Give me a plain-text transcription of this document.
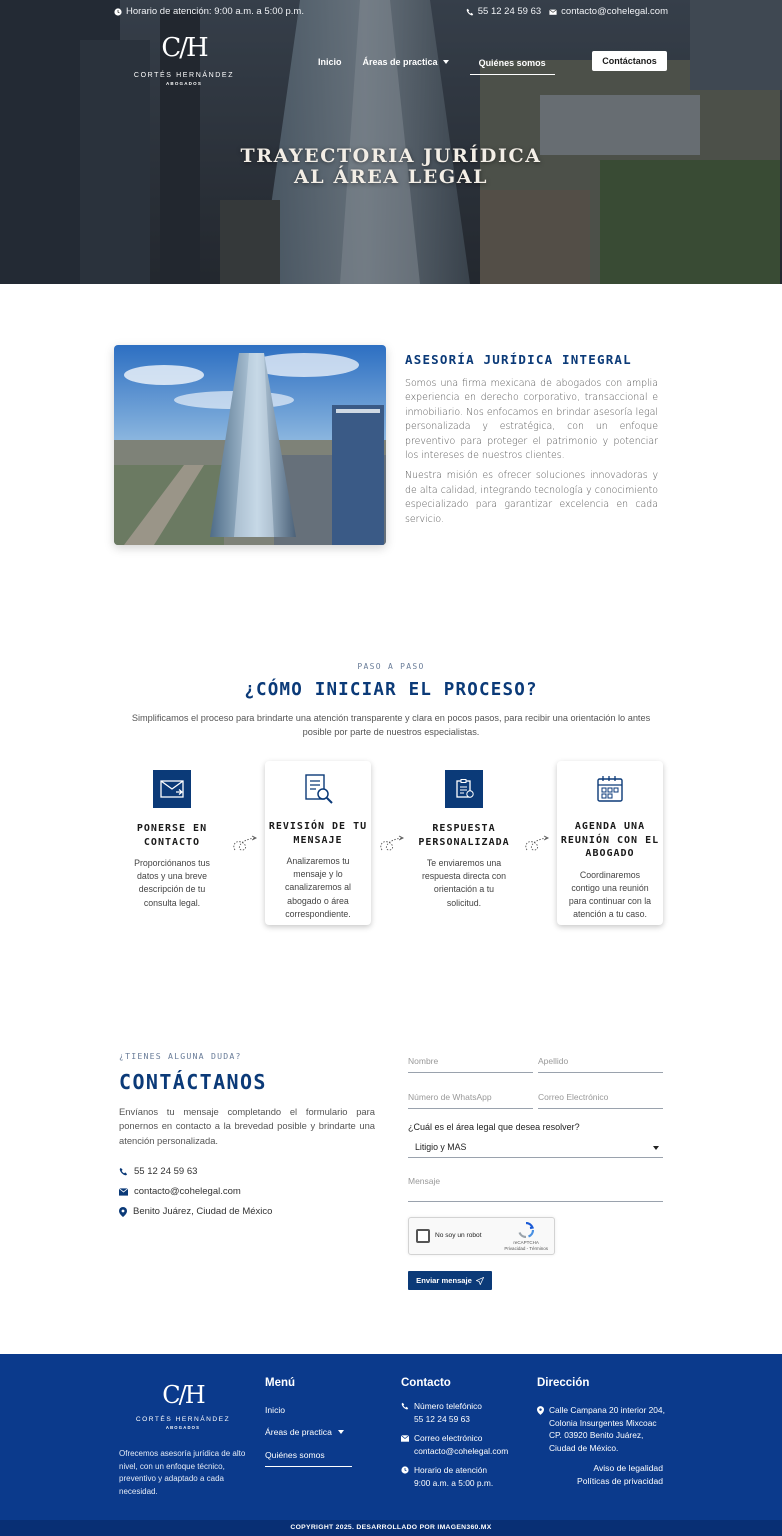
Horario de atención: 9:00 a.m. a 5:00 p.m.	55 12 24 59 63 contacto@cohelegal.com
C/H
CORTÉS HERNÁNDEZ
ABOGADOS
Inicio Áreas de practica	Quiénes somos	Contáctanos
TRAYECTORIA JURÍDICA
AL ÁREA LEGAL
ASESORÍA JURÍDICA INTEGRAL

Somos una firma mexicana de abogados con amplia experiencia en derecho corporativo, transaccional e inmobiliario. Nos enfocamos en brindar asesoría legal personalizada y estratégica, con un enfoque preventivo para proteger el patrimonio y potenciar los intereses de nuestros clientes.

Nuestra misión es ofrecer soluciones innovadoras y de alta calidad, integrando tecnología y conocimiento especializado para garantizar excelencia en cada servicio.

PASO A PASO
¿CÓMO INICIAR EL PROCESO?

Simplificamos el proceso para brindarte una atención transparente y clara en pocos pasos, para recibir una orientación lo antes posible por parte de nuestros especialistas.

PONERSE EN CONTACTO

Proporciónanos tus datos y una breve descripción de tu consulta legal.

REVISIÓN DE TU MENSAJE

Analizaremos tu mensaje y lo canalizaremos al abogado o área correspondiente.

RESPUESTA PERSONALIZADA

Te enviaremos una respuesta directa con orientación a tu solicitud.

AGENDA UNA REUNIÓN CON EL ABOGADO

Coordinaremos contigo una reunión para continuar con la atención a tu caso.

¿TIENES ALGUNA DUDA?
CONTÁCTANOS

Envíanos tu mensaje completando el formulario para ponernos en contacto a la brevedad posible y brindarte una atención personalizada.

55 12 24 59 63
contacto@cohelegal.com
Benito Juárez, Ciudad de México
Nombre	Apellido
Número de WhatsApp	Correo Electrónico
¿Cuál es el área legal que desea resolver?
Litigio y MAS
Mensaje
No soy un robot
reCAPTCHA
Privacidad - Términos
Enviar mensaje
C/H
CORTÉS HERNÁNDEZ
ABOGADOS

Ofrecemos asesoría jurídica de alto nivel, con un enfoque técnico, preventivo y adaptado a cada necesidad.

Menú
Inicio
Áreas de practica
Quiénes somos
Contacto
Número telefónico
55 12 24 59 63
Correo electrónico
contacto@cohelegal.com
Horario de atención
9:00 a.m. a 5:00 p.m.
Dirección
Calle Campana 20 interior 204, Colonia Insurgentes Mixcoac CP. 03920 Benito Juárez, Ciudad de México.
Aviso de legalidad
Políticas de privacidad
COPYRIGHT 2025. DESARROLLADO POR IMAGEN360.MX
